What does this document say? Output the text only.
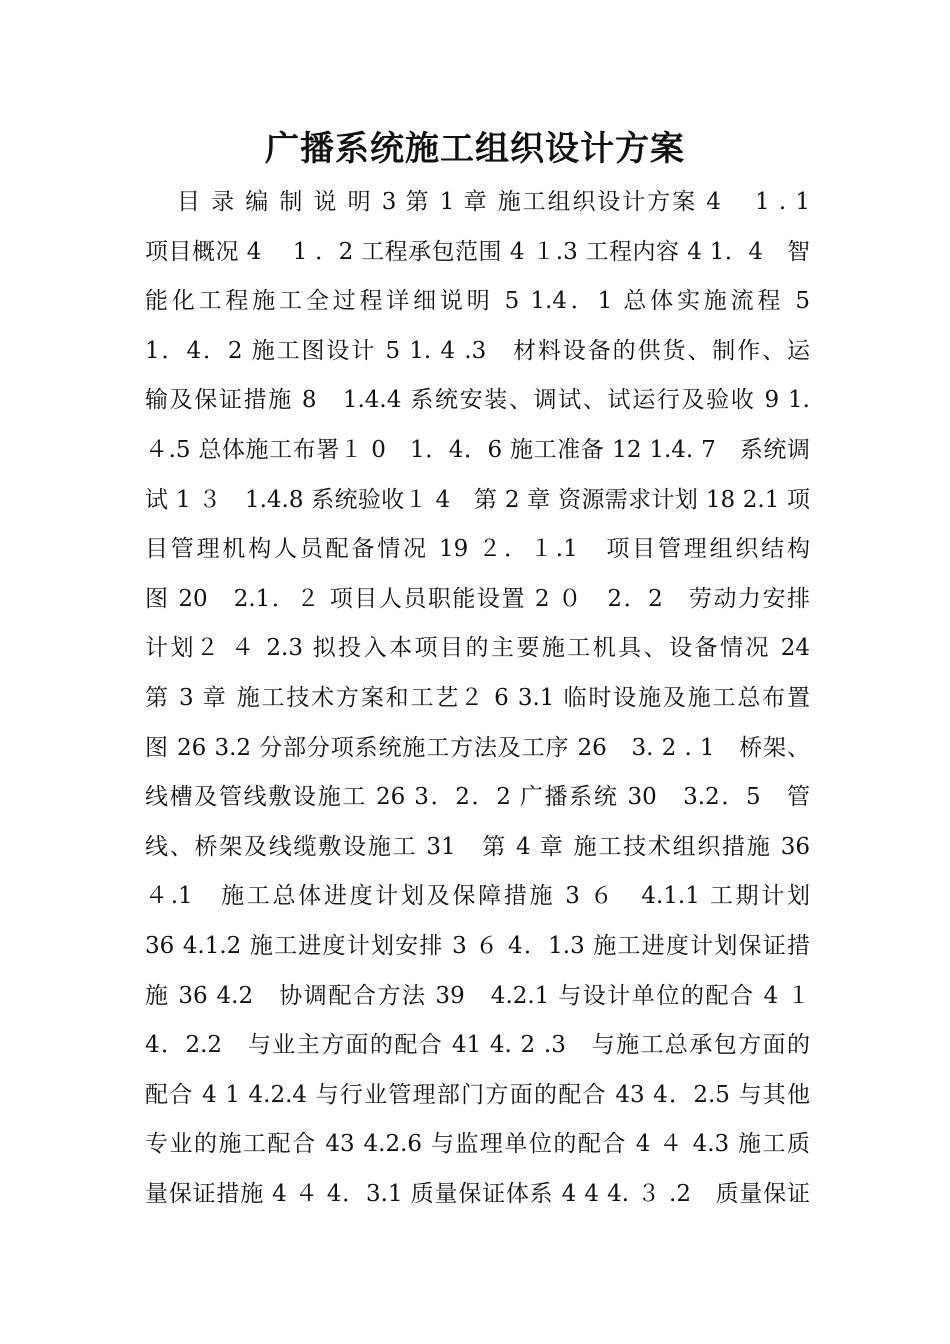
广播系统施工组织设计方案
目 录 编 制 说 明 3 第 1 章 施工组织设计方案 4 　1 . 1
项目概况 4 　1 ．2 工程承包范围 4 １.3 工程内容 4 1．4　智
能化工程施工全过程详细说明 5 1.4．1 总体实施流程 5
1．4．2 施工图设计 5 1. 4 .3　材料设备的供货、制作、运
输及保证措施 8　1.4.4 系统安装、调试、试运行及验收 9 1.
４.5 总体施工布署１ 0　1．4．6 施工准备 12 1.4. 7　系统调
试 1 ３　1.4.8 系统验收１ 4　第 2 章 资源需求计划 18 2.1 项
目管理机构人员配备情况 19 ２．１.1　项目管理组织结构
图 20　2.1．２ 项目人员职能设置 2 ０　2．2　劳动力安排
计划２ ４ 2.3 拟投入本项目的主要施工机具、设备情况 24
第 3 章 施工技术方案和工艺２ 6 3.1 临时设施及施工总布置
图 26 3.2 分部分项系统施工方法及工序 26　3. 2 . 1　桥架、
线槽及管线敷设施工 26 3．2．2 广播系统 30　3.2．5　管
线、桥架及线缆敷设施工 31　第 4 章 施工技术组织措施 36
４.1　施工总体进度计划及保障措施 3 ６　4.1.1 工期计划
36 4.1.2 施工进度计划安排 3 ６ 4．1.3 施工进度计划保证措
施 36 4.2　协调配合方法 39　4.2.1 与设计单位的配合 4 １
4．2.2　与业主方面的配合 41 4. 2 .3　与施工总承包方面的
配合 4 1 4.2.4 与行业管理部门方面的配合 43 4．2.5 与其他
专业的施工配合 43 4.2.6 与监理单位的配合 4 ４ 4.3 施工质
量保证措施 4 ４ 4．3.1 质量保证体系 4 4 4. ３ .2　质量保证
